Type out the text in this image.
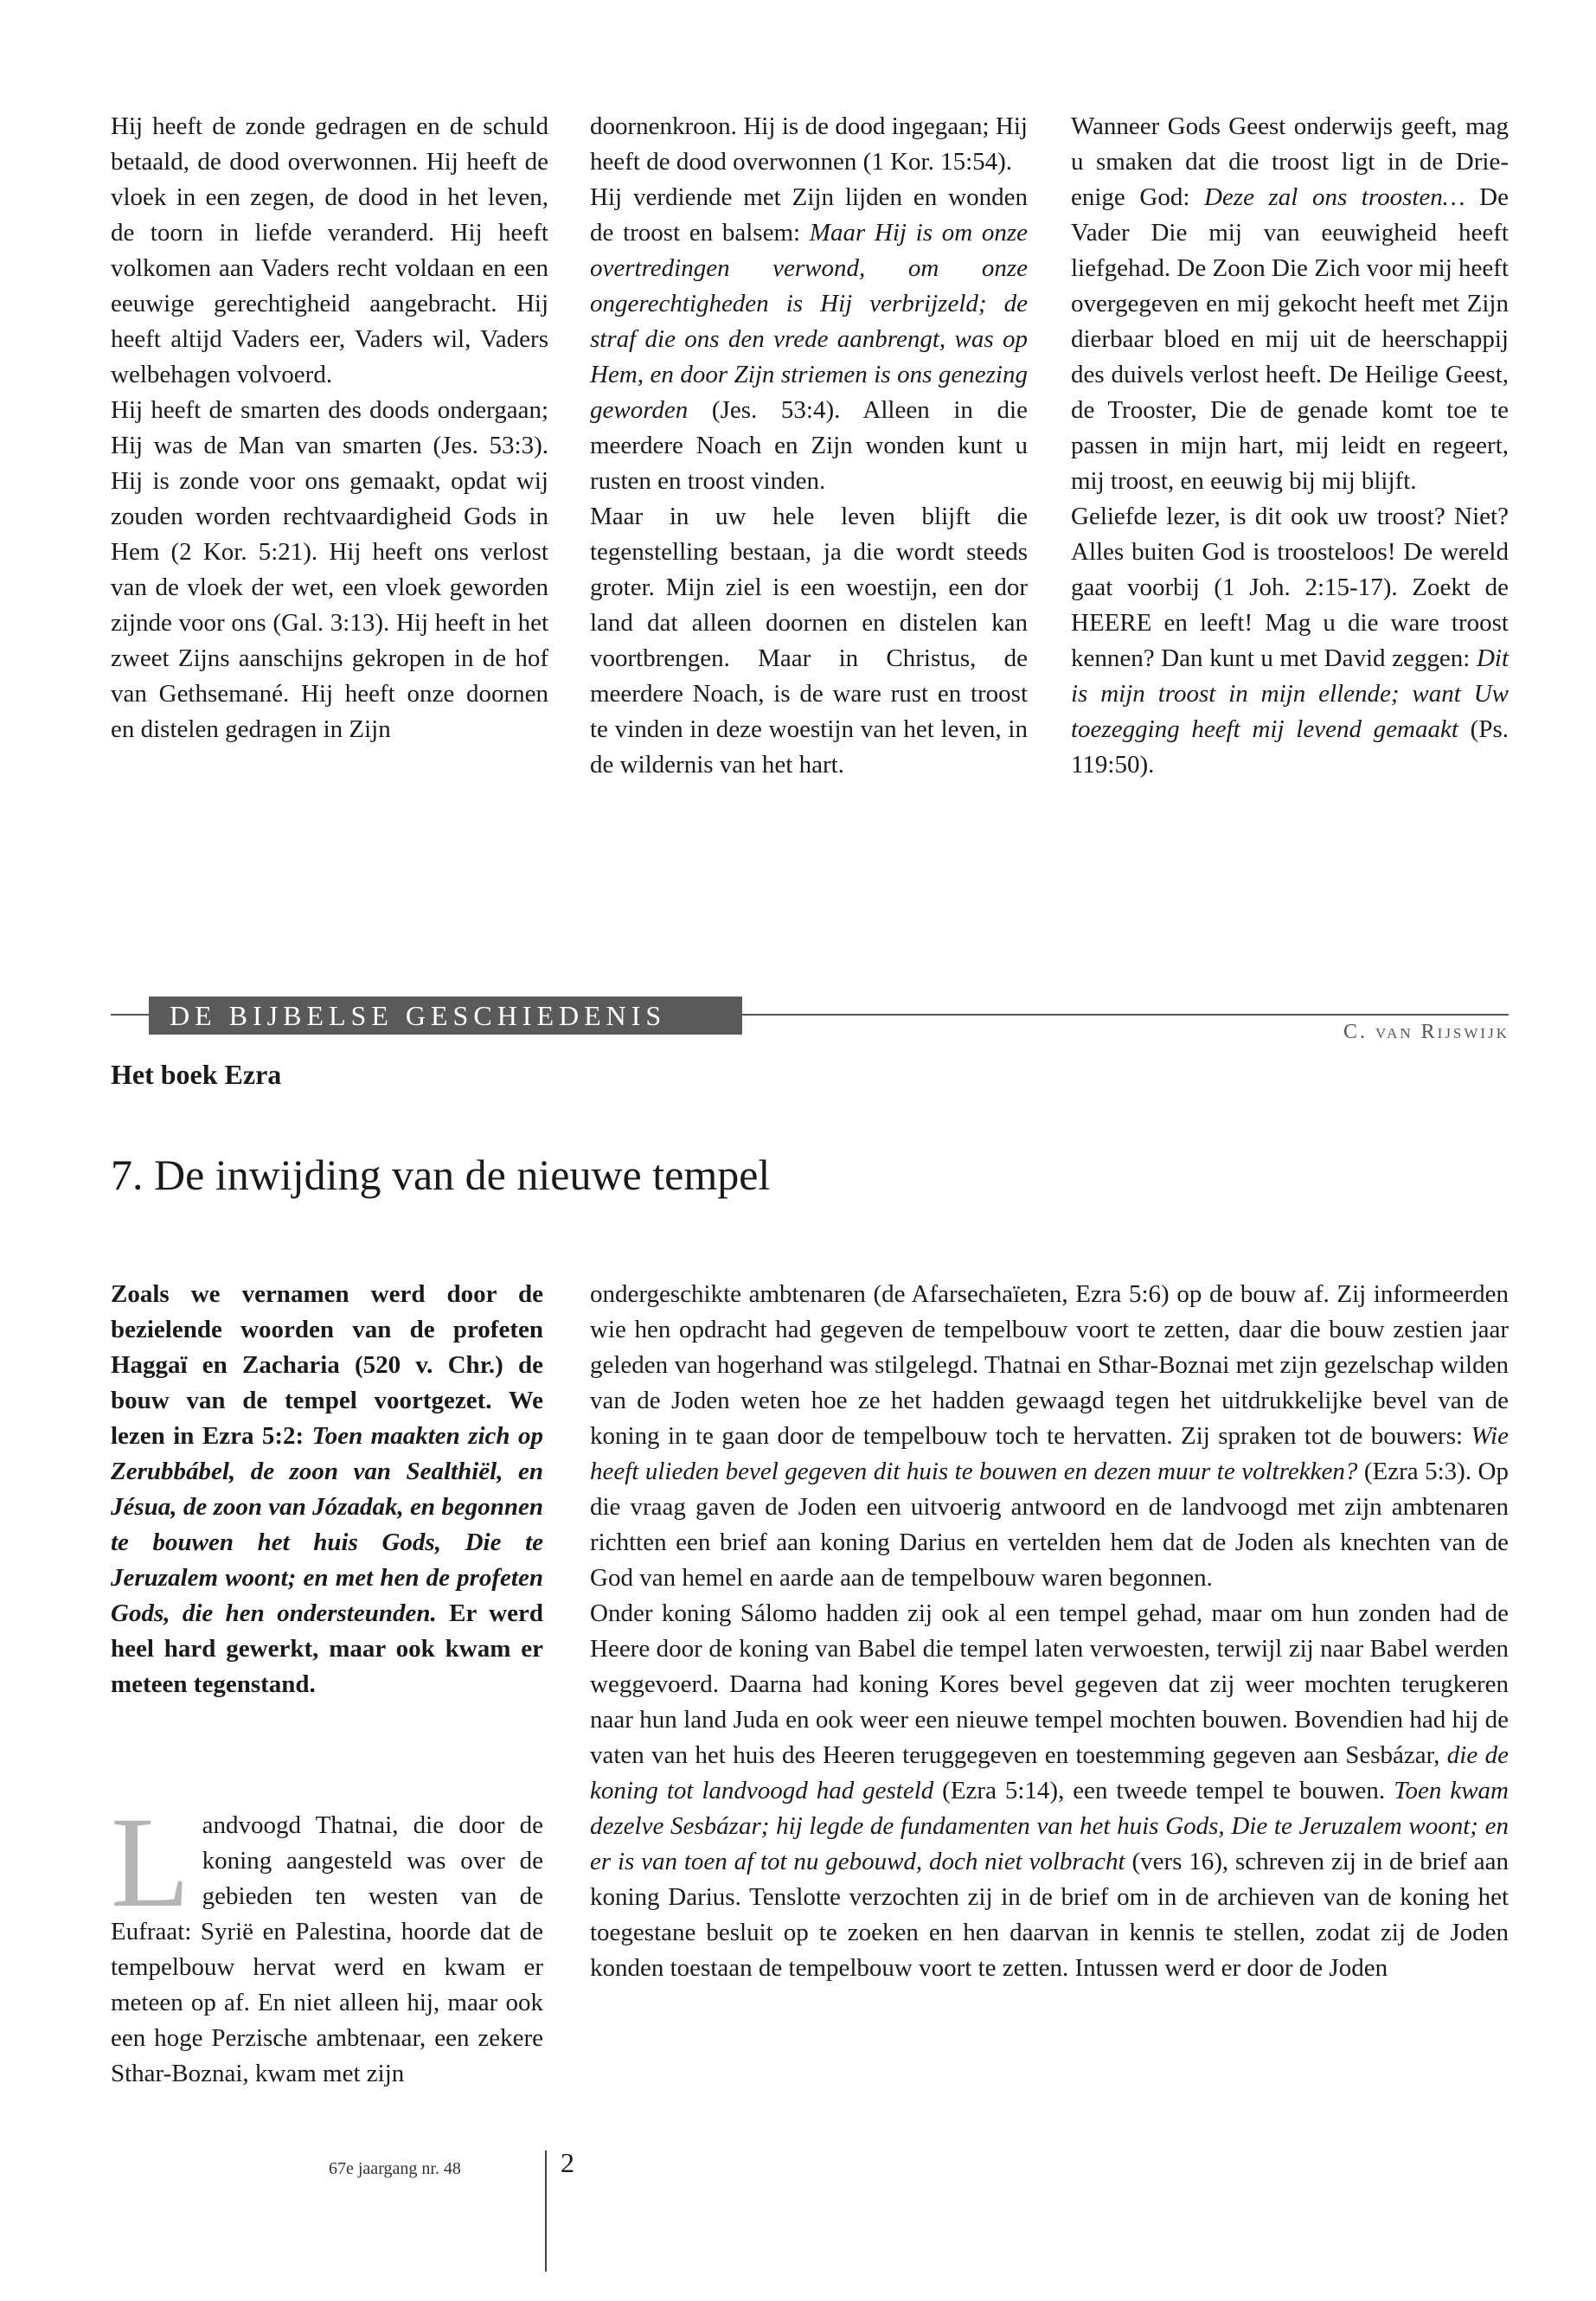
Hij heeft de zonde gedragen en de schuld betaald, de dood overwonnen. Hij heeft de vloek in een zegen, de dood in het leven, de toorn in liefde veranderd. Hij heeft volkomen aan Vaders recht voldaan en een eeuwige gerechtigheid aangebracht. Hij heeft altijd Vaders eer, Vaders wil, Vaders welbehagen volvoerd.

Hij heeft de smarten des doods ondergaan; Hij was de Man van smarten (Jes. 53:3). Hij is zonde voor ons gemaakt, opdat wij zouden worden rechtvaardigheid Gods in Hem (2 Kor. 5:21). Hij heeft ons verlost van de vloek der wet, een vloek geworden zijnde voor ons (Gal. 3:13). Hij heeft in het zweet Zijns aanschijns gekropen in de hof van Gethsemané. Hij heeft onze doornen en distelen gedragen in Zijn

doornenkroon. Hij is de dood ingegaan; Hij heeft de dood overwonnen (1 Kor. 15:54).

Hij verdiende met Zijn lijden en wonden de troost en balsem: Maar Hij is om onze overtredingen verwond, om onze ongerechtigheden is Hij verbrijzeld; de straf die ons den vrede aanbrengt, was op Hem, en door Zijn striemen is ons genezing geworden (Jes. 53:4). Alleen in die meerdere Noach en Zijn wonden kunt u rusten en troost vinden.

Maar in uw hele leven blijft die tegenstelling bestaan, ja die wordt steeds groter. Mijn ziel is een woestijn, een dor land dat alleen doornen en distelen kan voortbrengen. Maar in Christus, de meerdere Noach, is de ware rust en troost te vinden in deze woestijn van het leven, in de wildernis van het hart.

Wanneer Gods Geest onderwijs geeft, mag u smaken dat die troost ligt in de Drie-enige God: Deze zal ons troosten… De Vader Die mij van eeuwigheid heeft liefgehad. De Zoon Die Zich voor mij heeft overgegeven en mij gekocht heeft met Zijn dierbaar bloed en mij uit de heerschappij des duivels verlost heeft. De Heilige Geest, de Trooster, Die de genade komt toe te passen in mijn hart, mij leidt en regeert, mij troost, en eeuwig bij mij blijft.

Geliefde lezer, is dit ook uw troost? Niet? Alles buiten God is troosteloos! De wereld gaat voorbij (1 Joh. 2:15-17). Zoekt de HEERE en leeft! Mag u die ware troost kennen? Dan kunt u met David zeggen: Dit is mijn troost in mijn ellende; want Uw toezegging heeft mij levend gemaakt (Ps. 119:50).

DE BIJBELSE GESCHIEDENIS
C. van Rijswijk
Het boek Ezra
7. De inwijding van de nieuwe tempel
Zoals we vernamen werd door de bezielende woorden van de profeten Haggaï en Zacharia (520 v. Chr.) de bouw van de tempel voortgezet. We lezen in Ezra 5:2: Toen maakten zich op Zerubbábel, de zoon van Sealthiël, en Jésua, de zoon van Józadak, en begonnen te bouwen het huis Gods, Die te Jeruzalem woont; en met hen de profeten Gods, die hen ondersteunden. Er werd heel hard gewerkt, maar ook kwam er meteen tegenstand.
Landvoogd Thatnai, die door de koning aangesteld was over de gebieden ten westen van de Eufraat: Syrië en Palestina, hoorde dat de tempelbouw hervat werd en kwam er meteen op af. En niet alleen hij, maar ook een hoge Perzische ambtenaar, een zekere Sthar-Boznai, kwam met zijn

ondergeschikte ambtenaren (de Afarsechaïeten, Ezra 5:6) op de bouw af. Zij informeerden wie hen opdracht had gegeven de tempelbouw voort te zetten, daar die bouw zestien jaar geleden van hogerhand was stilgelegd. Thatnai en Sthar-Boznai met zijn gezelschap wilden van de Joden weten hoe ze het hadden gewaagd tegen het uitdrukkelijke bevel van de koning in te gaan door de tempelbouw toch te hervatten. Zij spraken tot de bouwers: Wie heeft ulieden bevel gegeven dit huis te bouwen en dezen muur te voltrekken? (Ezra 5:3). Op die vraag gaven de Joden een uitvoerig antwoord en de landvoogd met zijn ambtenaren richtten een brief aan koning Darius en vertelden hem dat de Joden als knechten van de God van hemel en aarde aan de tempelbouw waren begonnen.

Onder koning Sálomo hadden zij ook al een tempel gehad, maar om hun zonden had de Heere door de koning van Babel die tempel laten verwoesten, terwijl zij naar Babel werden weggevoerd. Daarna had koning Kores bevel gegeven dat zij weer mochten terugkeren naar hun land Juda en ook weer een nieuwe tempel mochten bouwen. Bovendien had hij de vaten van het huis des Heeren teruggegeven en toestemming gegeven aan Sesbázar, die de koning tot landvoogd had gesteld (Ezra 5:14), een tweede tempel te bouwen. Toen kwam dezelve Sesbázar; hij legde de fundamenten van het huis Gods, Die te Jeruzalem woont; en er is van toen af tot nu gebouwd, doch niet volbracht (vers 16), schreven zij in de brief aan koning Darius. Tenslotte verzochten zij in de brief om in de archieven van de koning het toegestane besluit op te zoeken en hen daarvan in kennis te stellen, zodat zij de Joden konden toestaan de tempelbouw voort te zetten. Intussen werd er door de Joden

67e jaargang nr. 48	2
